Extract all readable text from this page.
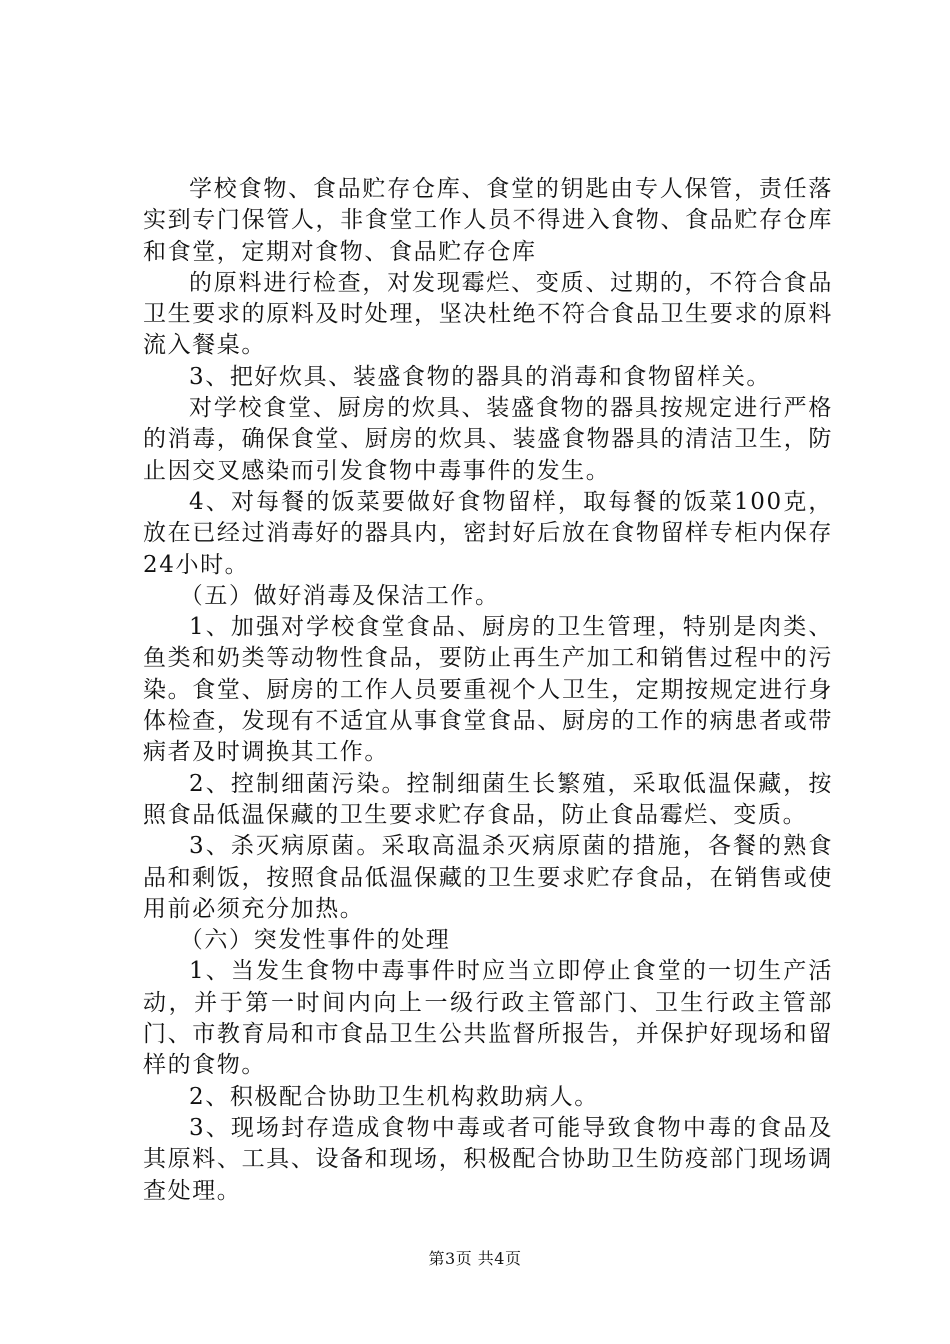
学校食物、食品贮存仓库、食堂的钥匙由专人保管，责任落实到专门保管人，非食堂工作人员不得进入食物、食品贮存仓库和食堂，定期对食物、食品贮存仓库

的原料进行检查，对发现霉烂、变质、过期的，不符合食品卫生要求的原料及时处理，坚决杜绝不符合食品卫生要求的原料流入餐桌。

3、把好炊具、装盛食物的器具的消毒和食物留样关。

对学校食堂、厨房的炊具、装盛食物的器具按规定进行严格的消毒，确保食堂、厨房的炊具、装盛食物器具的清洁卫生，防止因交叉感染而引发食物中毒事件的发生。

4、对每餐的饭菜要做好食物留样，取每餐的饭菜100克，放在已经过消毒好的器具内，密封好后放在食物留样专柜内保存24小时。

（五）做好消毒及保洁工作。

1、加强对学校食堂食品、厨房的卫生管理，特别是肉类、鱼类和奶类等动物性食品，要防止再生产加工和销售过程中的污染。食堂、厨房的工作人员要重视个人卫生，定期按规定进行身体检查，发现有不适宜从事食堂食品、厨房的工作的病患者或带病者及时调换其工作。

2、控制细菌污染。控制细菌生长繁殖，采取低温保藏，按照食品低温保藏的卫生要求贮存食品，防止食品霉烂、变质。

3、杀灭病原菌。采取高温杀灭病原菌的措施，各餐的熟食品和剩饭，按照食品低温保藏的卫生要求贮存食品，在销售或使用前必须充分加热。

（六）突发性事件的处理

1、当发生食物中毒事件时应当立即停止食堂的一切生产活动，并于第一时间内向上一级行政主管部门、卫生行政主管部门、市教育局和市食品卫生公共监督所报告，并保护好现场和留样的食物。

2、积极配合协助卫生机构救助病人。

3、现场封存造成食物中毒或者可能导致食物中毒的食品及其原料、工具、设备和现场，积极配合协助卫生防疫部门现场调查处理。

第3页 共4页
